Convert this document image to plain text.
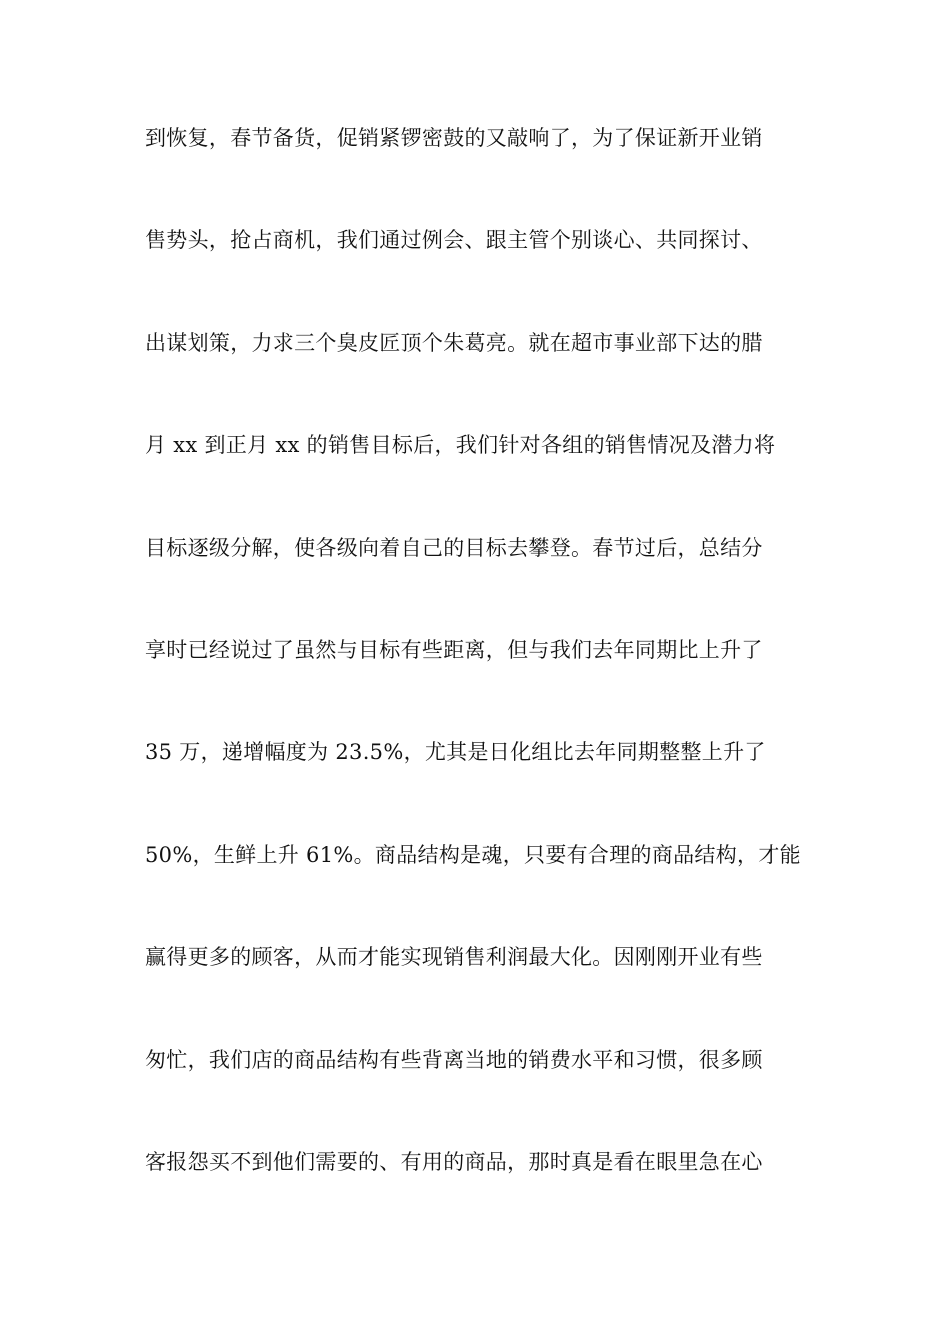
到恢复，春节备货，促销紧锣密鼓的又敲响了，为了保证新开业销
售势头，抢占商机，我们通过例会、跟主管个别谈心、共同探讨、
出谋划策，力求三个臭皮匠顶个朱葛亮。就在超市事业部下达的腊
月 xx 到正月 xx 的销售目标后，我们针对各组的销售情况及潜力将
目标逐级分解，使各级向着自己的目标去攀登。春节过后，总结分
享时已经说过了虽然与目标有些距离，但与我们去年同期比上升了
35 万，递增幅度为 23.5%，尤其是日化组比去年同期整整上升了
50%，生鲜上升 61%。商品结构是魂，只要有合理的商品结构，才能
赢得更多的顾客，从而才能实现销售利润最大化。因刚刚开业有些
匆忙，我们店的商品结构有些背离当地的销费水平和习惯，很多顾
客报怨买不到他们需要的、有用的商品，那时真是看在眼里急在心
